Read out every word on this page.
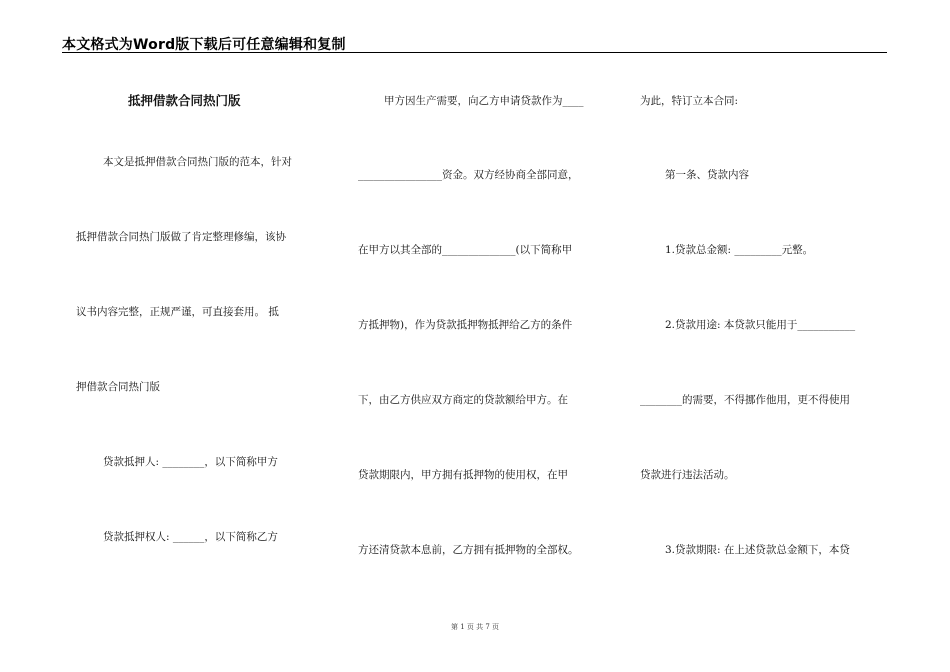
本文格式为Word版下载后可任意编辑和复制
抵押借款合同热门版
本文是抵押借款合同热门版的范本，针对
抵押借款合同热门版做了肯定整理修编，该协
议书内容完整，正规严谨，可直接套用。 抵
押借款合同热门版
贷款抵押人: ________，以下简称甲方
贷款抵押权人: ______，以下简称乙方
甲方因生产需要，向乙方申请贷款作为____
________________资金。双方经协商全部同意，
在甲方以其全部的______________(以下简称甲
方抵押物)，作为贷款抵押物抵押给乙方的条件
下，由乙方供应双方商定的贷款额给甲方。在
贷款期限内，甲方拥有抵押物的使用权，在甲
方还清贷款本息前，乙方拥有抵押物的全部权。
为此，特订立本合同:
第一条、贷款内容
1.贷款总金额: _________元整。
2.贷款用途: 本贷款只能用于___________
________的需要，不得挪作他用，更不得使用
贷款进行违法活动。
3.贷款期限: 在上述贷款总金额下，本贷
第 1 页 共 7 页
